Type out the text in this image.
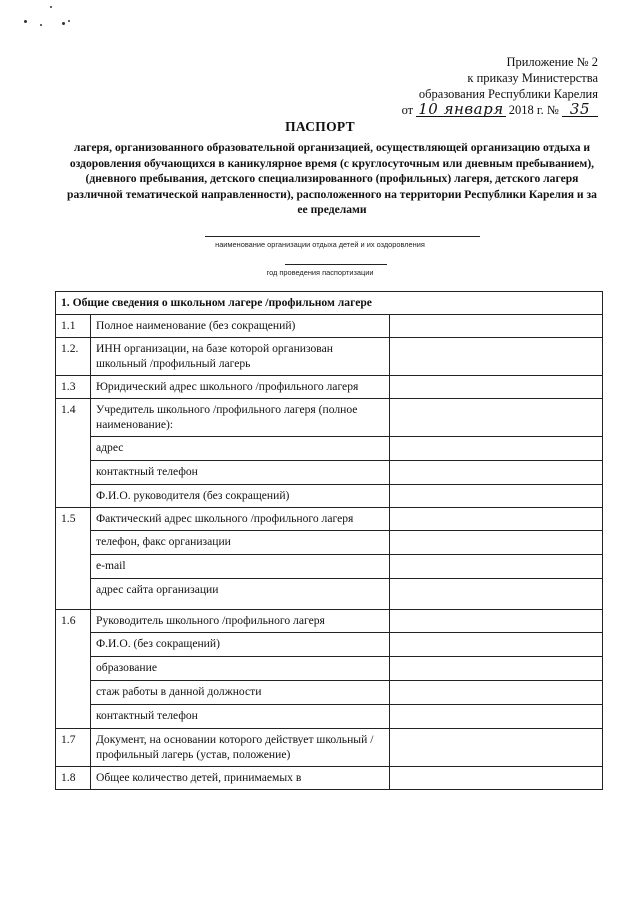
Приложение № 2
к приказу Министерства
образования Республики Карелия
от 10 января 2018 г. № 35
ПАСПОРТ
лагеря, организованного образовательной организацией, осуществляющей организацию отдыха и оздоровления обучающихся в каникулярное время (с круглосуточным или дневным пребыванием), (дневного пребывания, детского специализированного (профильных) лагеря, детского лагеря различной тематической направленности), расположенного на территории Республики Карелия и за ее пределами
наименование организации отдыха детей и их оздоровления
год проведения паспортизации
1. Общие сведения о школьном лагере /профильном лагере		
1.1	Полное наименование (без сокращений)	
1.2.	ИНН организации, на базе которой организован школьный /профильный лагерь	
1.3	Юридический адрес школьного /профильного лагеря	
1.4	Учредитель школьного /профильного лагеря (полное наименование):	
	адрес	
	контактный телефон	
	Ф.И.О. руководителя (без сокращений)	
1.5	Фактический адрес школьного /профильного лагеря	
	телефон, факс организации	
	e-mail	
	адрес сайта организации	
1.6	Руководитель школьного /профильного лагеря	
	Ф.И.О. (без сокращений)	
	образование	
	стаж работы в данной должности	
	контактный телефон	
1.7	Документ, на основании которого действует школьный /профильный лагерь (устав, положение)	
1.8	Общее количество детей, принимаемых в	
